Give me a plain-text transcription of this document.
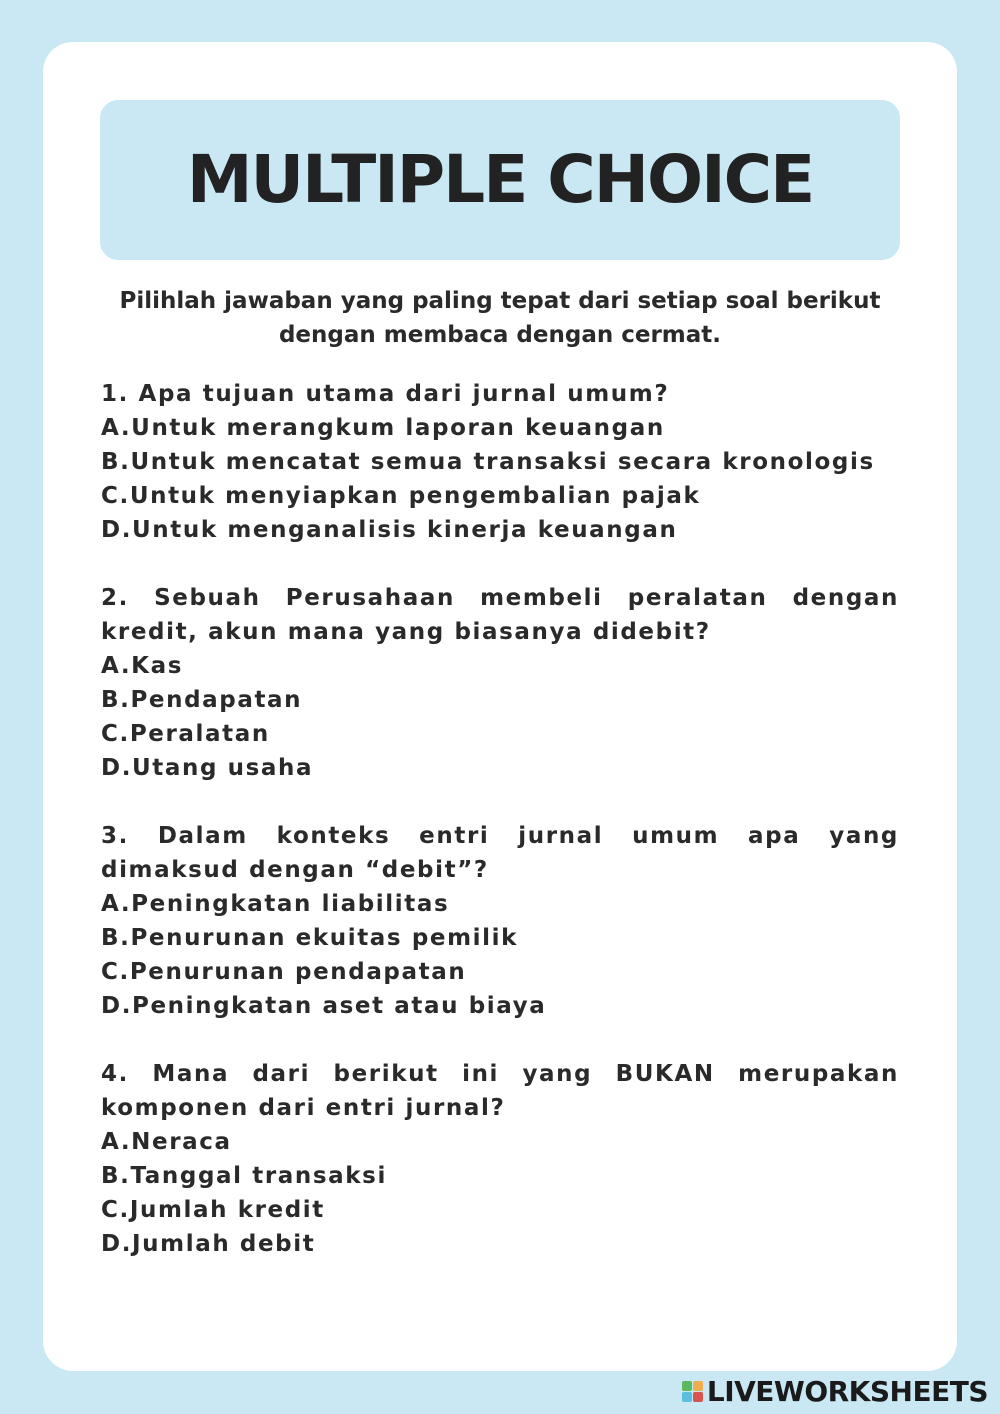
MULTIPLE CHOICE

Pilihlah jawaban yang paling tepat dari setiap soal berikut dengan membaca dengan cermat.

1. Apa tujuan utama dari jurnal umum?

A.Untuk merangkum laporan keuangan

B.Untuk mencatat semua transaksi secara kronologis

C.Untuk menyiapkan pengembalian pajak

D.Untuk menganalisis kinerja keuangan

2. Sebuah Perusahaan membeli peralatan dengan kredit, akun mana yang biasanya didebit?

A.Kas

B.Pendapatan

C.Peralatan

D.Utang usaha

3. Dalam konteks entri jurnal umum apa yang dimaksud dengan “debit”?

A.Peningkatan liabilitas

B.Penurunan ekuitas pemilik

C.Penurunan pendapatan

D.Peningkatan aset atau biaya

4. Mana dari berikut ini yang BUKAN merupakan komponen dari entri jurnal?

A.Neraca

B.Tanggal transaksi

C.Jumlah kredit

D.Jumlah debit

LIVEWORKSHEETS
